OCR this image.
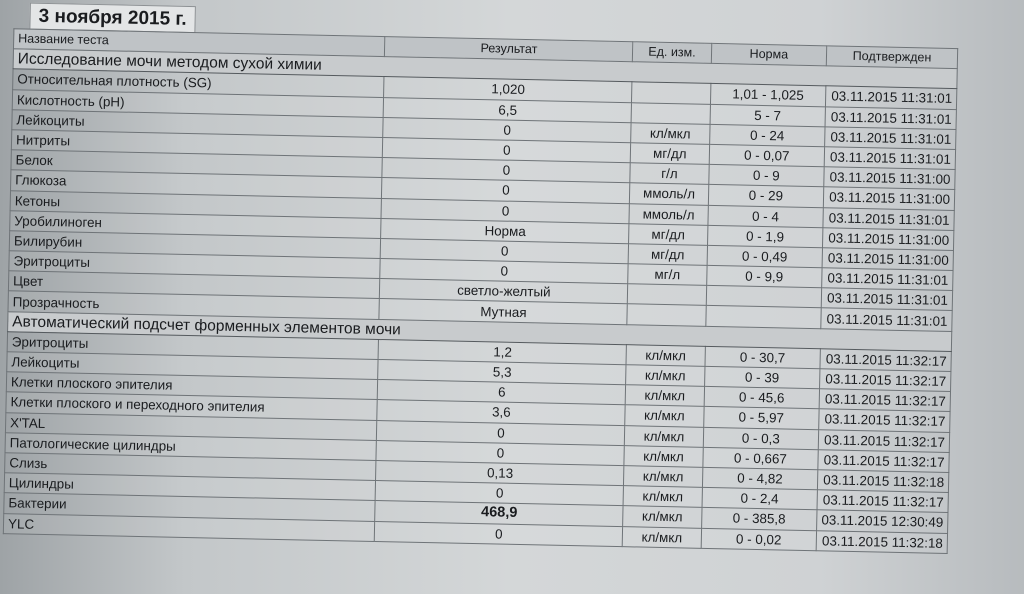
3 ноября 2015 г.
Название теста	Результат	Ед. изм.	Норма	Подтвержден
Исследование мочи методом сухой химии				
Относительная плотность (SG)	1,020		1,01 - 1,025	03.11.2015 11:31:01
Кислотность (pH)	6,5		5 - 7	03.11.2015 11:31:01
Лейкоциты	0	кл/мкл	0 - 24	03.11.2015 11:31:01
Нитриты	0	мг/дл	0 - 0,07	03.11.2015 11:31:01
Белок	0	г/л	0 - 9	03.11.2015 11:31:00
Глюкоза	0	ммоль/л	0 - 29	03.11.2015 11:31:00
Кетоны	0	ммоль/л	0 - 4	03.11.2015 11:31:01
Уробилиноген	Норма	мг/дл	0 - 1,9	03.11.2015 11:31:00
Билирубин	0	мг/дл	0 - 0,49	03.11.2015 11:31:00
Эритроциты	0	мг/л	0 - 9,9	03.11.2015 11:31:01
Цвет	светло-желтый			03.11.2015 11:31:01
Прозрачность	Мутная			03.11.2015 11:31:01
Автоматический подсчет форменных элементов мочи				
Эритроциты	1,2	кл/мкл	0 - 30,7	03.11.2015 11:32:17
Лейкоциты	5,3	кл/мкл	0 - 39	03.11.2015 11:32:17
Клетки плоского эпителия	6	кл/мкл	0 - 45,6	03.11.2015 11:32:17
Клетки плоского и переходного эпителия	3,6	кл/мкл	0 - 5,97	03.11.2015 11:32:17
X'TAL	0	кл/мкл	0 - 0,3	03.11.2015 11:32:17
Патологические цилиндры	0	кл/мкл	0 - 0,667	03.11.2015 11:32:17
Слизь	0,13	кл/мкл	0 - 4,82	03.11.2015 11:32:18
Цилиндры	0	кл/мкл	0 - 2,4	03.11.2015 11:32:17
Бактерии	468,9	кл/мкл	0 - 385,8	03.11.2015 12:30:49
YLC	0	кл/мкл	0 - 0,02	03.11.2015 11:32:18
